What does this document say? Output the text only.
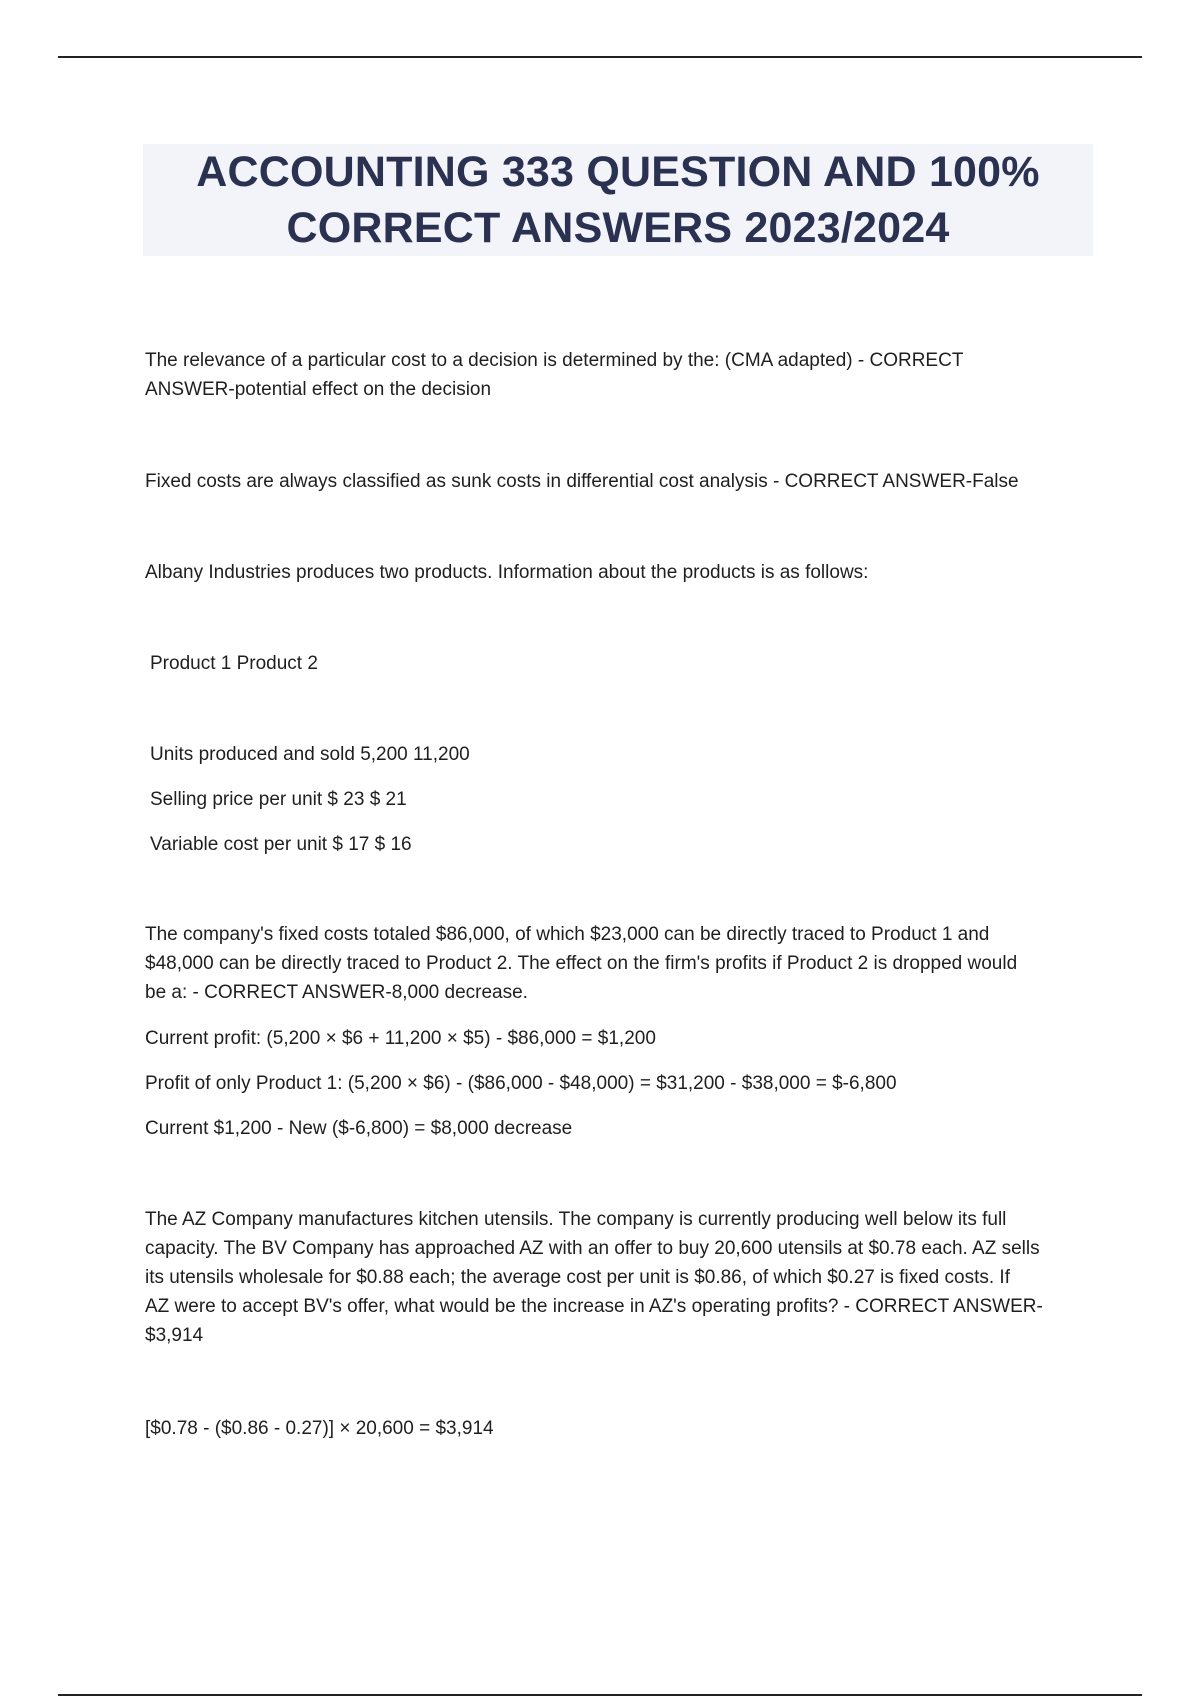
ACCOUNTING 333 QUESTION AND 100%
CORRECT ANSWERS 2023/2024

The relevance of a particular cost to a decision is determined by the: (CMA adapted) - CORRECT
ANSWER-potential effect on the decision

Fixed costs are always classified as sunk costs in differential cost analysis - CORRECT ANSWER-False

Albany Industries produces two products. Information about the products is as follows:

Product 1 Product 2

Units produced and sold 5,200 11,200

Selling price per unit $ 23 $ 21

Variable cost per unit $ 17 $ 16

The company's fixed costs totaled $86,000, of which $23,000 can be directly traced to Product 1 and
$48,000 can be directly traced to Product 2. The effect on the firm's profits if Product 2 is dropped would
be a: - CORRECT ANSWER-8,000 decrease.

Current profit: (5,200 × $6 + 11,200 × $5) - $86,000 = $1,200

Profit of only Product 1: (5,200 × $6) - ($86,000 - $48,000) = $31,200 - $38,000 = $-6,800

Current $1,200 - New ($-6,800) = $8,000 decrease

The AZ Company manufactures kitchen utensils. The company is currently producing well below its full
capacity. The BV Company has approached AZ with an offer to buy 20,600 utensils at $0.78 each. AZ sells
its utensils wholesale for $0.88 each; the average cost per unit is $0.86, of which $0.27 is fixed costs. If
AZ were to accept BV's offer, what would be the increase in AZ's operating profits? - CORRECT ANSWER-
$3,914

[$0.78 - ($0.86 - 0.27)] × 20,600 = $3,914
